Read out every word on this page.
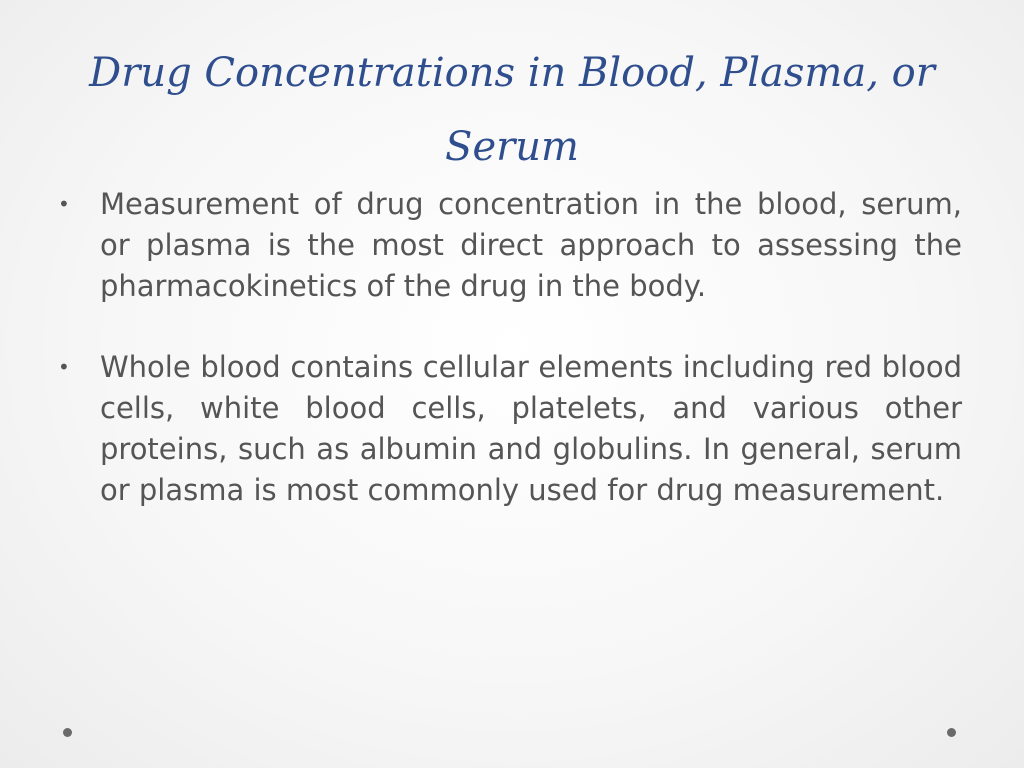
Drug Concentrations in Blood, Plasma, or Serum
• Measurement of drug concentration in the blood, serum, or plasma is the most direct approach to assessing the pharmacokinetics of the drug in the body.
• Whole blood contains cellular elements including red blood cells, white blood cells, platelets, and various other proteins, such as albumin and globulins. In general, serum or plasma is most commonly used for drug measurement.
